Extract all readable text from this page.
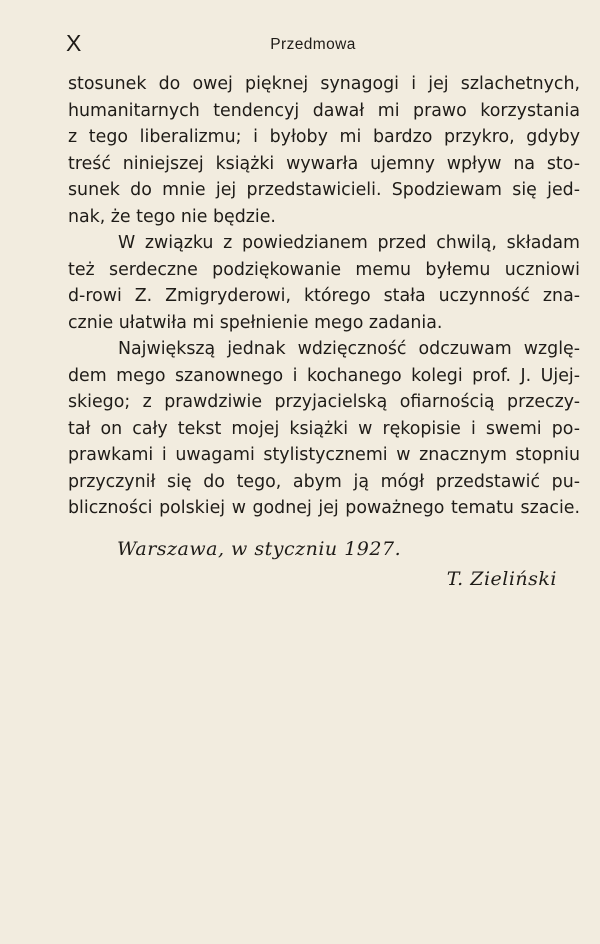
X	Przedmowa
stosunek do owej pięknej synagogi i jej szlachetnych,
humanitarnych tendencyj dawał mi prawo korzystania
z tego liberalizmu; i byłoby mi bardzo przykro, gdyby
treść niniejszej książki wywarła ujemny wpływ na sto-
sunek do mnie jej przedstawicieli. Spodziewam się jed-
nak, że tego nie będzie.
W związku z powiedzianem przed chwilą, składam
też serdeczne podziękowanie memu byłemu uczniowi
d-rowi Z. Zmigryderowi, którego stała uczynność zna-
cznie ułatwiła mi spełnienie mego zadania.
Największą jednak wdzięczność odczuwam wzglę-
dem mego szanownego i kochanego kolegi prof. J. Ujej-
skiego; z prawdziwie przyjacielską ofiarnością przeczy-
tał on cały tekst mojej książki w rękopisie i swemi po-
prawkami i uwagami stylistycznemi w znacznym stopniu
przyczynił się do tego, abym ją mógł przedstawić pu-
bliczności polskiej w godnej jej poważnego tematu szacie.
Warszawa, w styczniu 1927.
T. Zieliński
